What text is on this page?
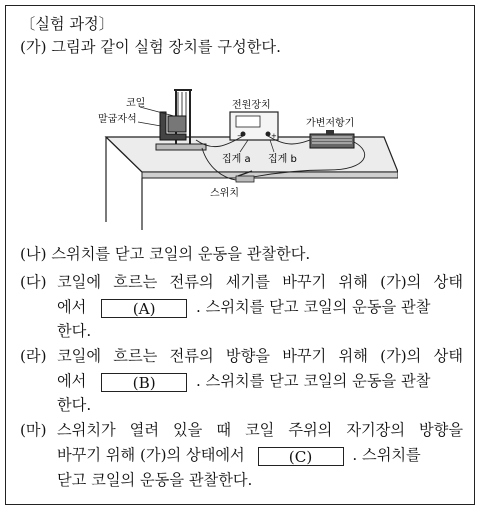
〔실험 과정〕
(가) 그림과 같이 실험 장치를 구성한다.
코일
말굽자석
−	+
전원장치
가변저항기
집게 a 집게 b
스위치
(나) 스위치를 닫고 코일의 운동을 관찰한다.
(다) 코일에 흐르는 전류의 세기를 바꾸기 위해 (가)의 상태
에서	(A)	. 스위치를 닫고 코일의 운동을 관찰
한다.
(라) 코일에 흐르는 전류의 방향을 바꾸기 위해 (가)의 상태
에서	(B)	. 스위치를 닫고 코일의 운동을 관찰
한다.
(마) 스위치가 열려 있을 때 코일 주위의 자기장의 방향을
바꾸기 위해 (가)의 상태에서	(C)	. 스위치를
닫고 코일의 운동을 관찰한다.
